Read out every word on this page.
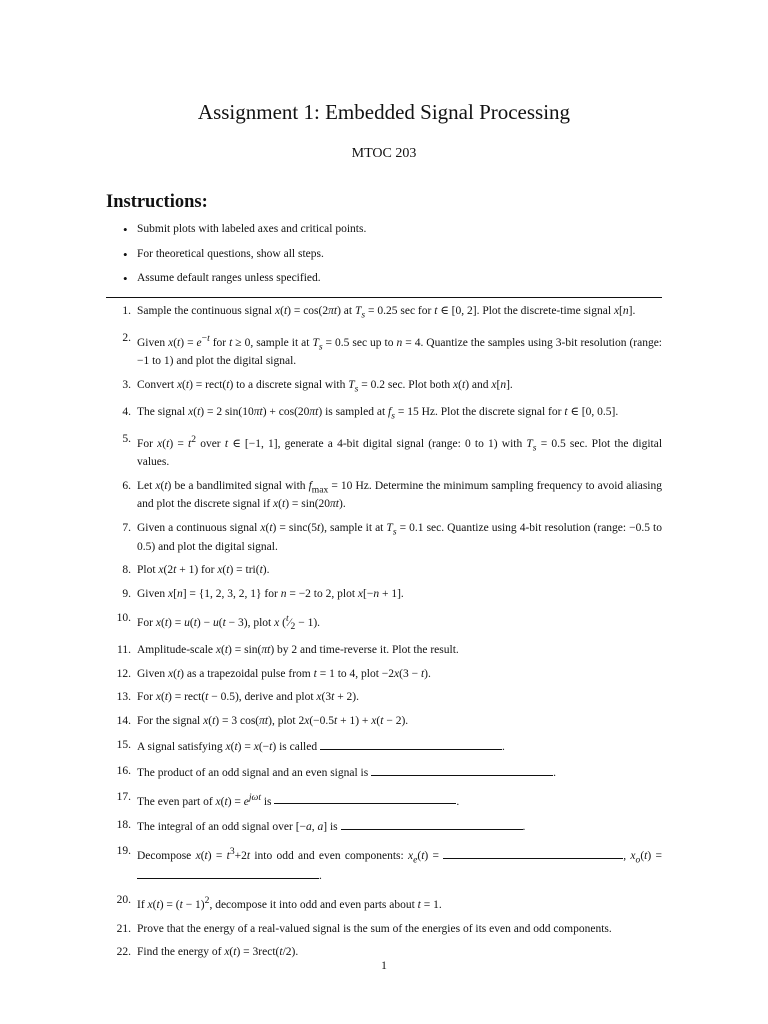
Assignment 1: Embedded Signal Processing
MTOC 203
Instructions:
• Submit plots with labeled axes and critical points.
• For theoretical questions, show all steps.
• Assume default ranges unless specified.
1. Sample the continuous signal x(t) = cos(2πt) at $T_s = 0.25$ sec for t ∈ [0, 2]. Plot the discrete-time signal x[n].
2. Given $x(t) = e^{-t}$ for t ≥ 0, sample it at $T_s = 0.5$ sec up to n = 4. Quantize the samples using 3-bit resolution (range: −1 to 1) and plot the digital signal.
3. Convert x(t) = rect(t) to a discrete signal with $T_s = 0.2$ sec. Plot both x(t) and x[n].
4. The signal x(t) = 2 sin(10πt) + cos(20πt) is sampled at $f_s = 15$ Hz. Plot the discrete signal for t ∈ [0, 0.5].
5. For $x(t) = t^2$ over t ∈ [−1, 1], generate a 4-bit digital signal (range: 0 to 1) with $T_s = 0.5$ sec. Plot the digital values.
6. Let x(t) be a bandlimited signal with $f_{max} = 10$ Hz. Determine the minimum sampling frequency to avoid aliasing and plot the discrete signal if x(t) = sin(20πt).
7. Given a continuous signal x(t) = sinc(5t), sample it at $T_s = 0.1$ sec. Quantize using 4-bit resolution (range: −0.5 to 0.5) and plot the digital signal.
8. Plot x(2t + 1) for x(t) = tri(t).
9. Given x[n] = {1, 2, 3, 2, 1} for n = −2 to 2, plot x[−n + 1].
10. For x(t) = u(t) − u(t − 3), plot x $(^t⁄_2 - 1)$.
11. Amplitude-scale x(t) = sin(πt) by 2 and time-reverse it. Plot the result.
12. Given x(t) as a trapezoidal pulse from t = 1 to 4, plot −2x(3 − t).
13. For x(t) = rect(t − 0.5), derive and plot x(3t + 2).
14. For the signal x(t) = 3 cos(πt), plot 2x(−0.5t + 1) + x(t − 2).
15. A signal satisfying x(t) = x(−t) is called	.
16. The product of an odd signal and an even signal is	.
17. The even part of $x(t) = e^{j\omega t}$ is	.
18. The integral of an odd signal over [−a, a] is	.
19. Decompose $x(t) = t^3+2t$ into odd and even components: $x_e(t)$ =	, $x_o(t)$ = .
20. If $x(t) = (t - 1)^2$, decompose it into odd and even parts about t = 1.
21. Prove that the energy of a real-valued signal is the sum of the energies of its even and odd components.
22. Find the energy of x(t) = 3rect(t/2).
1
